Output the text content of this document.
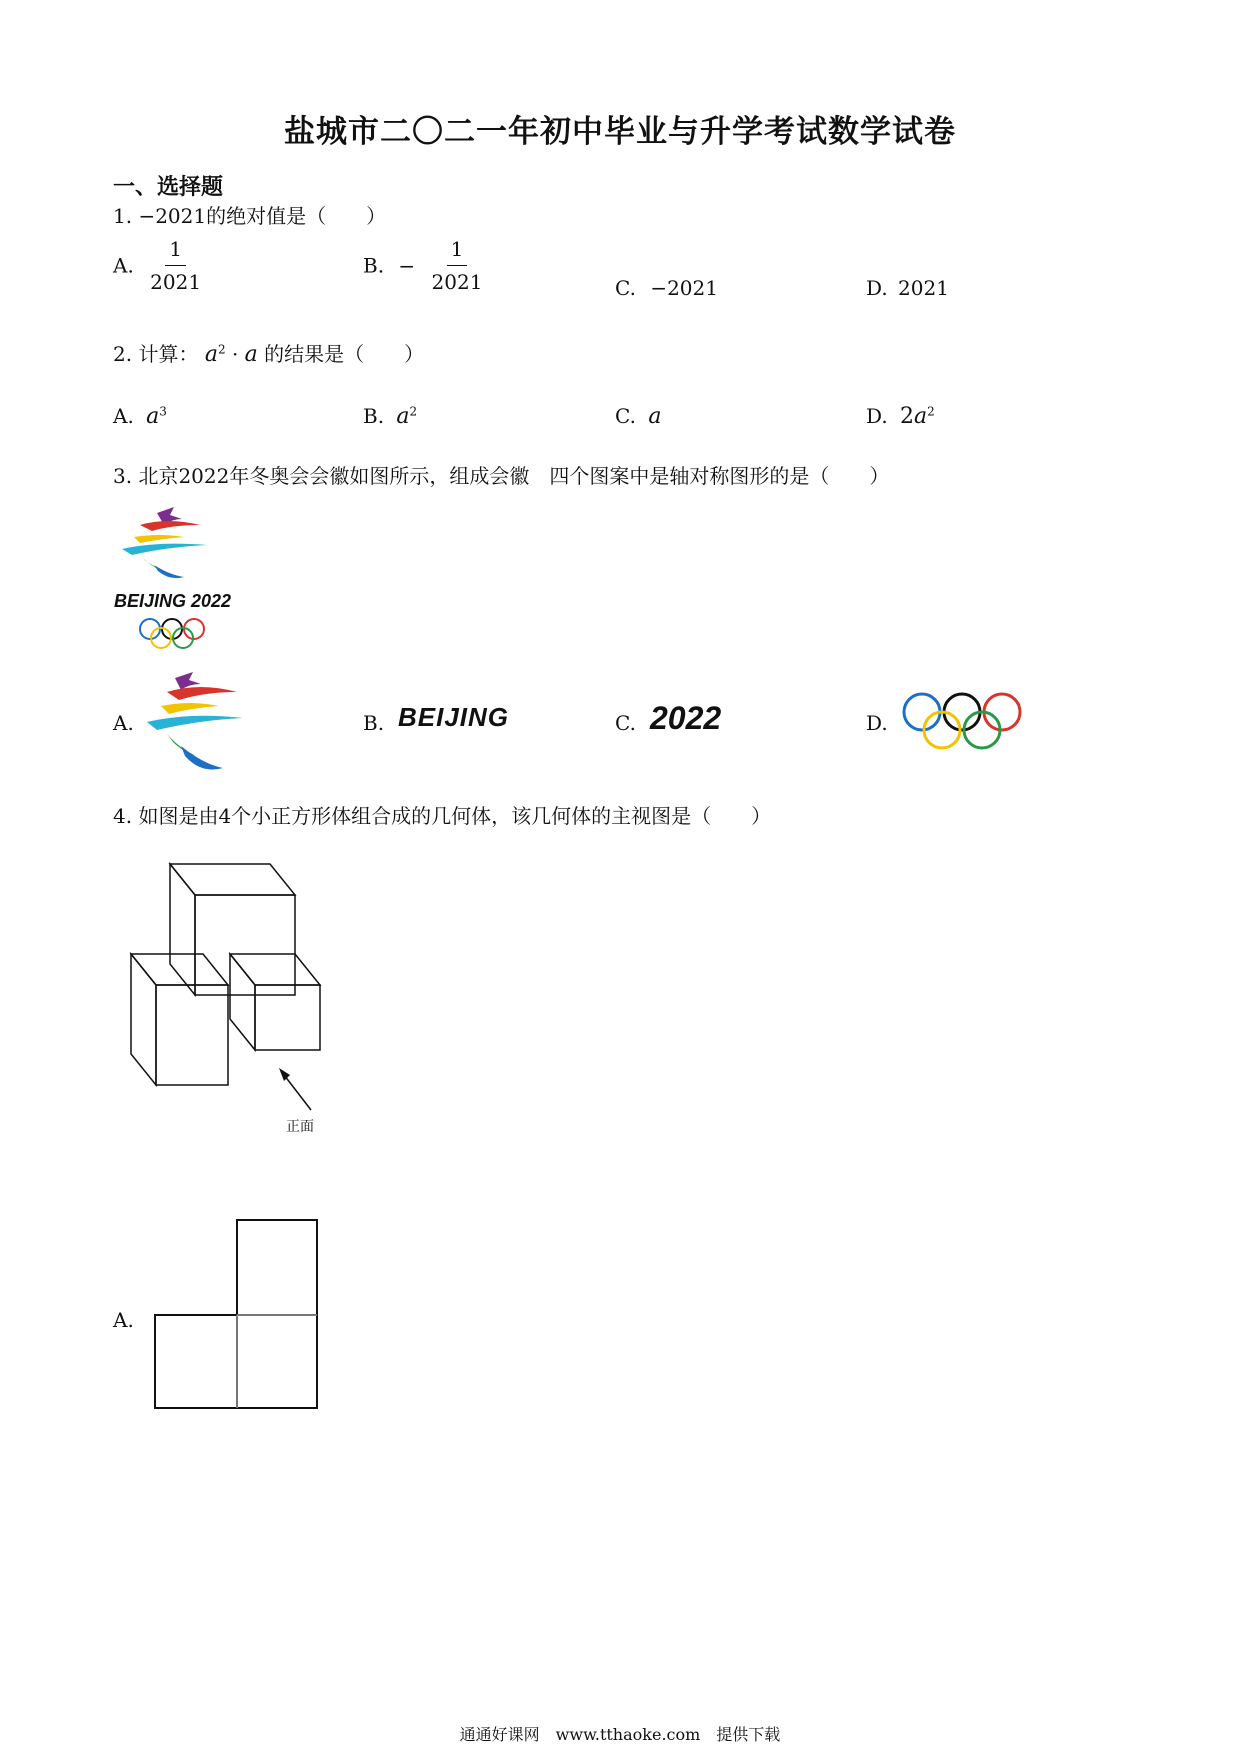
盐城市二〇二一年初中毕业与升学考试数学试卷
一、选择题
1. −2021的绝对值是（　　）
A. $\frac{1}{2021}$	B. − $\frac{1}{2021}$	C. −2021	D. 2021
2. 计算： $a^2 \cdot a$ 的结果是（　　）
A. $a^3$	B. $a^2$	C. a	D. $2a^2$
3. 北京2022年冬奥会会徽如图所示，组成会徽　四个图案中是轴对称图形的是（　　）
BEIJING 2022
A.	B. BEIJING	C. 2022	D.
4. 如图是由4个小正方形体组合成的几何体，该几何体的主视图是（　　）
正面
A.
通通好课网　www.tthaoke.com　提供下载
